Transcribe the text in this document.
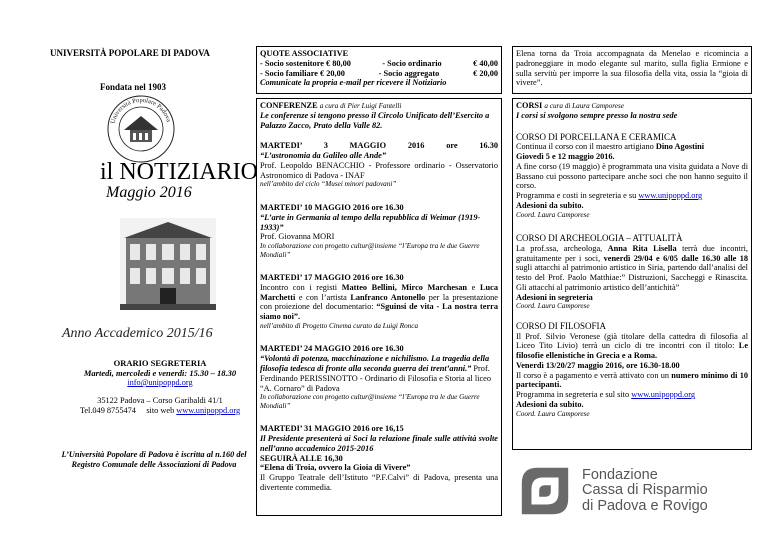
UNIVERSITÀ POPOLARE DI PADOVA
Fondata nel 1903
Università Popolare Padova
il NOTIZIARIO
Maggio 2016
Anno Accademico 2015/16
ORARIO SEGRETERIA
Martedì, mercoledì e venerdì: 15.30 – 18.30
info@unipoppd.org
35122 Padova – Corso Garibaldi 41/1
Tel.049 8755474 sito web www.unipoppd.org
L’Università Popolare di Padova è iscritta al n.160 del Registro Comunale delle Associazioni di Padova
QUOTE ASSOCIATIVE
- Socio sostenitore € 80,00	- Socio ordinario	€ 40,00
- Socio familiare € 20,00	- Socio aggregato	€ 20,00
Comunicate la propria e-mail per ricevere il Notiziario
CONFERENZE a cura di Pier Luigi Fantelli
Le conferenze si tengono presso il Circolo Unificato dell’Esercito a Palazzo Zacco, Prato della Valle 82.
MARTEDI’ 3 MAGGIO 2016 ore 16.30
“L’astronomia da Galileo alle Ande”
Prof. Leopoldo BENACCHIO - Professore ordinario - Osservatorio Astronomico di Padova - INAF
nell’ambito del ciclo “Musei minori padovani”
MARTEDI’ 10 MAGGIO 2016 ore 16.30
“L’arte in Germania al tempo della repubblica di Weimar (1919-1933)”
Prof. Giovanna MORI
In collaborazione con progetto cultur@insieme “l’Europa tra le due Guerre Mondiali”
MARTEDI’ 17 MAGGIO 2016 ore 16.30
Incontro con i registi Matteo Bellini, Mirco Marchesan e Luca Marchetti e con l’artista Lanfranco Antonello per la presentazione con proiezione del documentario: “Sguinsi de vita - La nostra terra siamo noi”.
nell’ambito di Progetto Cinema curato da Luigi Ronca
MARTEDI’ 24 MAGGIO 2016 ore 16.30
“Volontà di potenza, macchinazione e nichilismo. La tragedia della filosofia tedesca di fronte alla seconda guerra dei trent’anni.” Prof. Ferdinando PERISSINOTTO - Ordinario di Filosofia e Storia al liceo “A. Cornaro” di Padova
In collaborazione con progetto cultur@insieme “l’Europa tra le due Guerre Mondiali”
MARTEDI’ 31 MAGGIO 2016 ore 16,15
Il Presidente presenterà ai Soci la relazione finale sulle attività svolte nell’anno accademico 2015-2016
SEGUIRÀ ALLE 16,30
“Elena di Troia, ovvero la Gioia di Vivere”
Il Gruppo Teatrale dell’Istituto “P.F.Calvi” di Padova, presenta una divertente commedia.
Elena torna da Troia accompagnata da Menelao e ricomincia a padroneggiare in modo elegante sul marito, sulla figlia Ermione e sulla servitù per imporre la sua filosofia della vita, ossia la “gioia di vivere”.
CORSI a cura di Laura Camporese
I corsi si svolgono sempre presso la nostra sede
CORSO DI PORCELLANA E CERAMICA
Continua il corso con il maestro artigiano Dino Agostini
Giovedì 5 e 12 maggio 2016.
A fine corso (19 maggio) è programmata una visita guidata a Nove di Bassano cui possono partecipare anche soci che non hanno seguito il corso.
Programma e costi in segreteria e su www.unipoppd.org
Adesioni da subito.
Coord. Laura Camporese
CORSO DI ARCHEOLOGIA – ATTUALITÀ
La prof.ssa, archeologa, Anna Rita Lisella terrà due incontri, gratuitamente per i soci, venerdì 29/04 e 6/05 dalle 16.30 alle 18 sugli attacchi al patrimonio artistico in Siria, partendo dall’analisi del testo del Prof. Paolo Matthiae:” Distruzioni, Saccheggi e Rinascita. Gli attacchi al patrimonio artistico dell’antichità”
Adesioni in segreteria
Coord. Laura Camporese
CORSO DI FILOSOFIA
Il Prof. Silvio Veronese (già titolare della cattedra di filosofia al Liceo Tito Livio) terrà un ciclo di tre incontri con il titolo: Le filosofie ellenistiche in Grecia e a Roma.
Venerdì 13/20/27 maggio 2016, ore 16.30-18.00
Il corso è a pagamento e verrà attivato con un numero minimo di 10 partecipanti.
Programma in segreteria e sul sito www.unipoppd.org
Adesioni da subito.
Coord. Laura Camporese
Fondazione
Cassa di Risparmio
di Padova e Rovigo
